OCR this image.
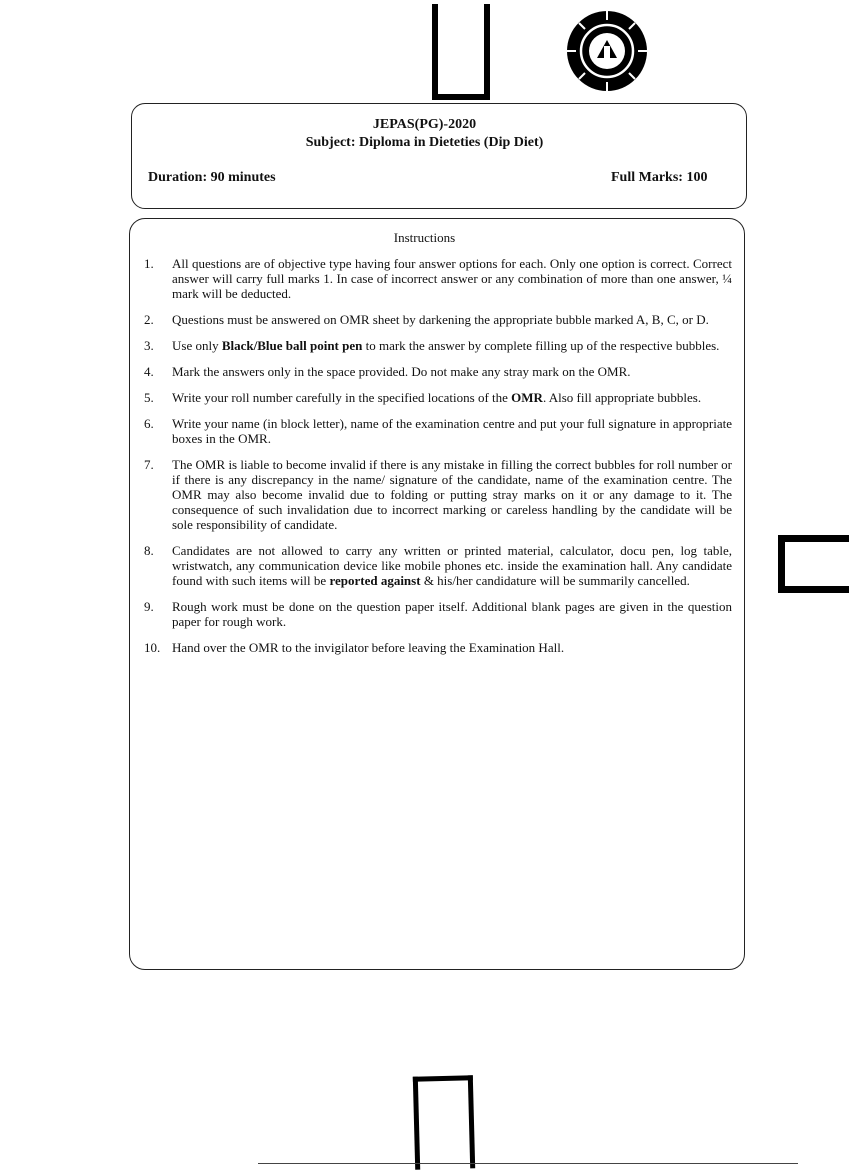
JEPAS(PG)-2020
Subject: Diploma in Dieteties (Dip Diet)
Duration: 90 minutes	Full Marks: 100
Instructions
1.	All questions are of objective type having four answer options for each. Only one option is correct. Correct answer will carry full marks 1. In case of incorrect answer or any combination of more than one answer, ¼ mark will be deducted.
2.	Questions must be answered on OMR sheet by darkening the appropriate bubble marked A, B, C, or D.
3.	Use only Black/Blue ball point pen to mark the answer by complete filling up of the respective bubbles.
4.	Mark the answers only in the space provided. Do not make any stray mark on the OMR.
5.	Write your roll number carefully in the specified locations of the OMR. Also fill appropriate bubbles.
6.	Write your name (in block letter), name of the examination centre and put your full signature in appropriate boxes in the OMR.
7.	The OMR is liable to become invalid if there is any mistake in filling the correct bubbles for roll number or if there is any discrepancy in the name/ signature of the candidate, name of the examination centre. The OMR may also become invalid due to folding or putting stray marks on it or any damage to it. The consequence of such invalidation due to incorrect marking or careless handling by the candidate will be sole responsibility of candidate.
8.	Candidates are not allowed to carry any written or printed material, calculator, docu pen, log table, wristwatch, any communication device like mobile phones etc. inside the examination hall. Any candidate found with such items will be reported against & his/her candidature will be summarily cancelled.
9.	Rough work must be done on the question paper itself. Additional blank pages are given in the question paper for rough work.
10. Hand over the OMR to the invigilator before leaving the Examination Hall.
